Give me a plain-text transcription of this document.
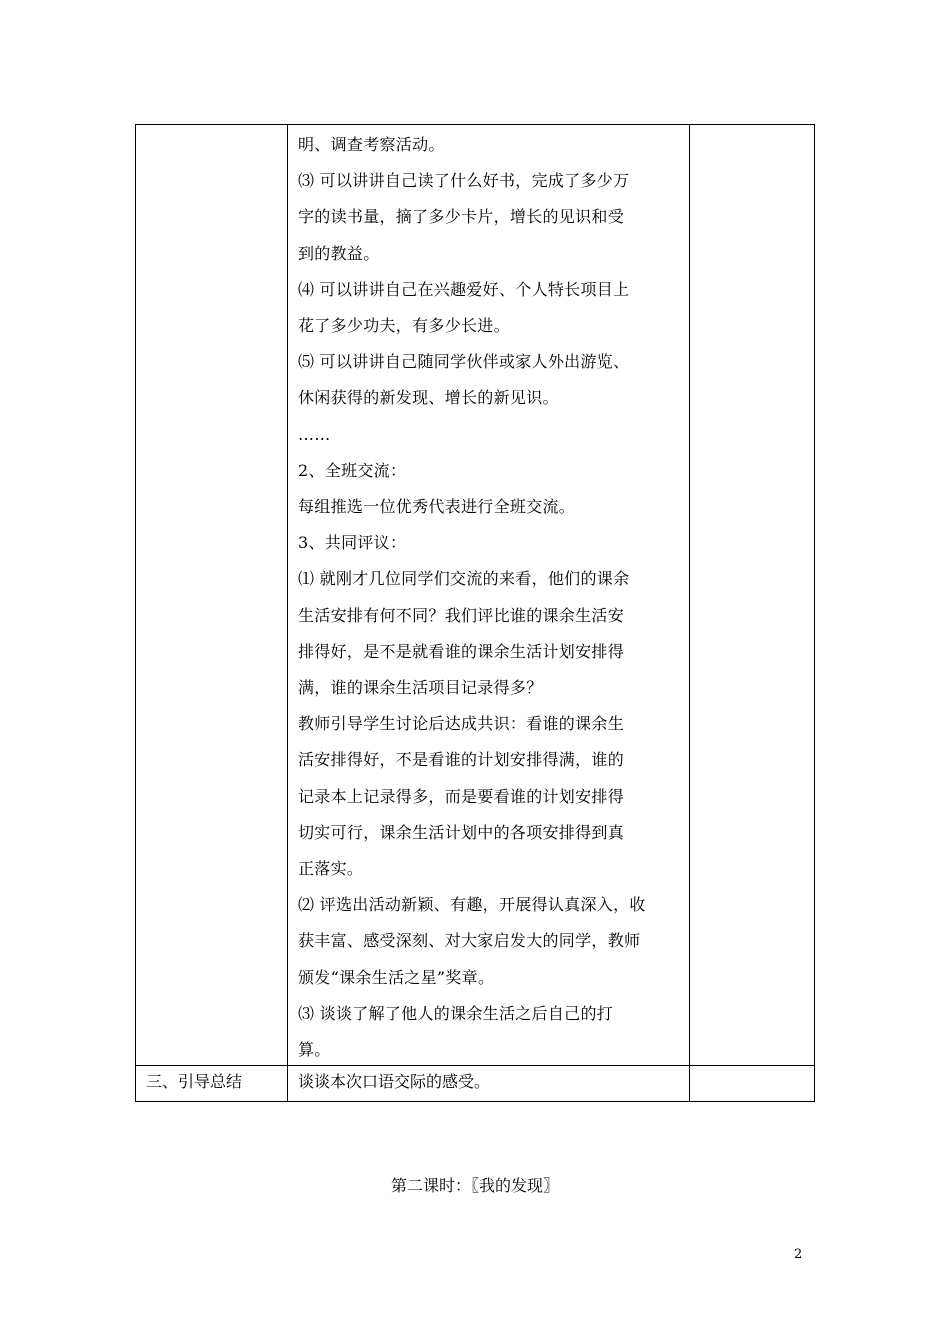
明、调查考察活动。

⑶ 可以讲讲自己读了什么好书，完成了多少万

字的读书量，摘了多少卡片，增长的见识和受

到的教益。

⑷ 可以讲讲自己在兴趣爱好、个人特长项目上

花了多少功夫，有多少长进。

⑸ 可以讲讲自己随同学伙伴或家人外出游览、

休闲获得的新发现、增长的新见识。

……

2、全班交流：

每组推选一位优秀代表进行全班交流。

3、共同评议：

⑴ 就刚才几位同学们交流的来看，他们的课余

生活安排有何不同？我们评比谁的课余生活安

排得好，是不是就看谁的课余生活计划安排得

满，谁的课余生活项目记录得多？

教师引导学生讨论后达成共识：看谁的课余生

活安排得好，不是看谁的计划安排得满，谁的

记录本上记录得多，而是要看谁的计划安排得

切实可行，课余生活计划中的各项安排得到真

正落实。

⑵ 评选出活动新颖、有趣，开展得认真深入，收

获丰富、感受深刻、对大家启发大的同学，教师

颁发“课余生活之星”奖章。

⑶ 谈谈了解了他人的课余生活之后自己的打

算。

三、引导总结	谈谈本次口语交际的感受。
第二课时：〖我的发现〗
2
